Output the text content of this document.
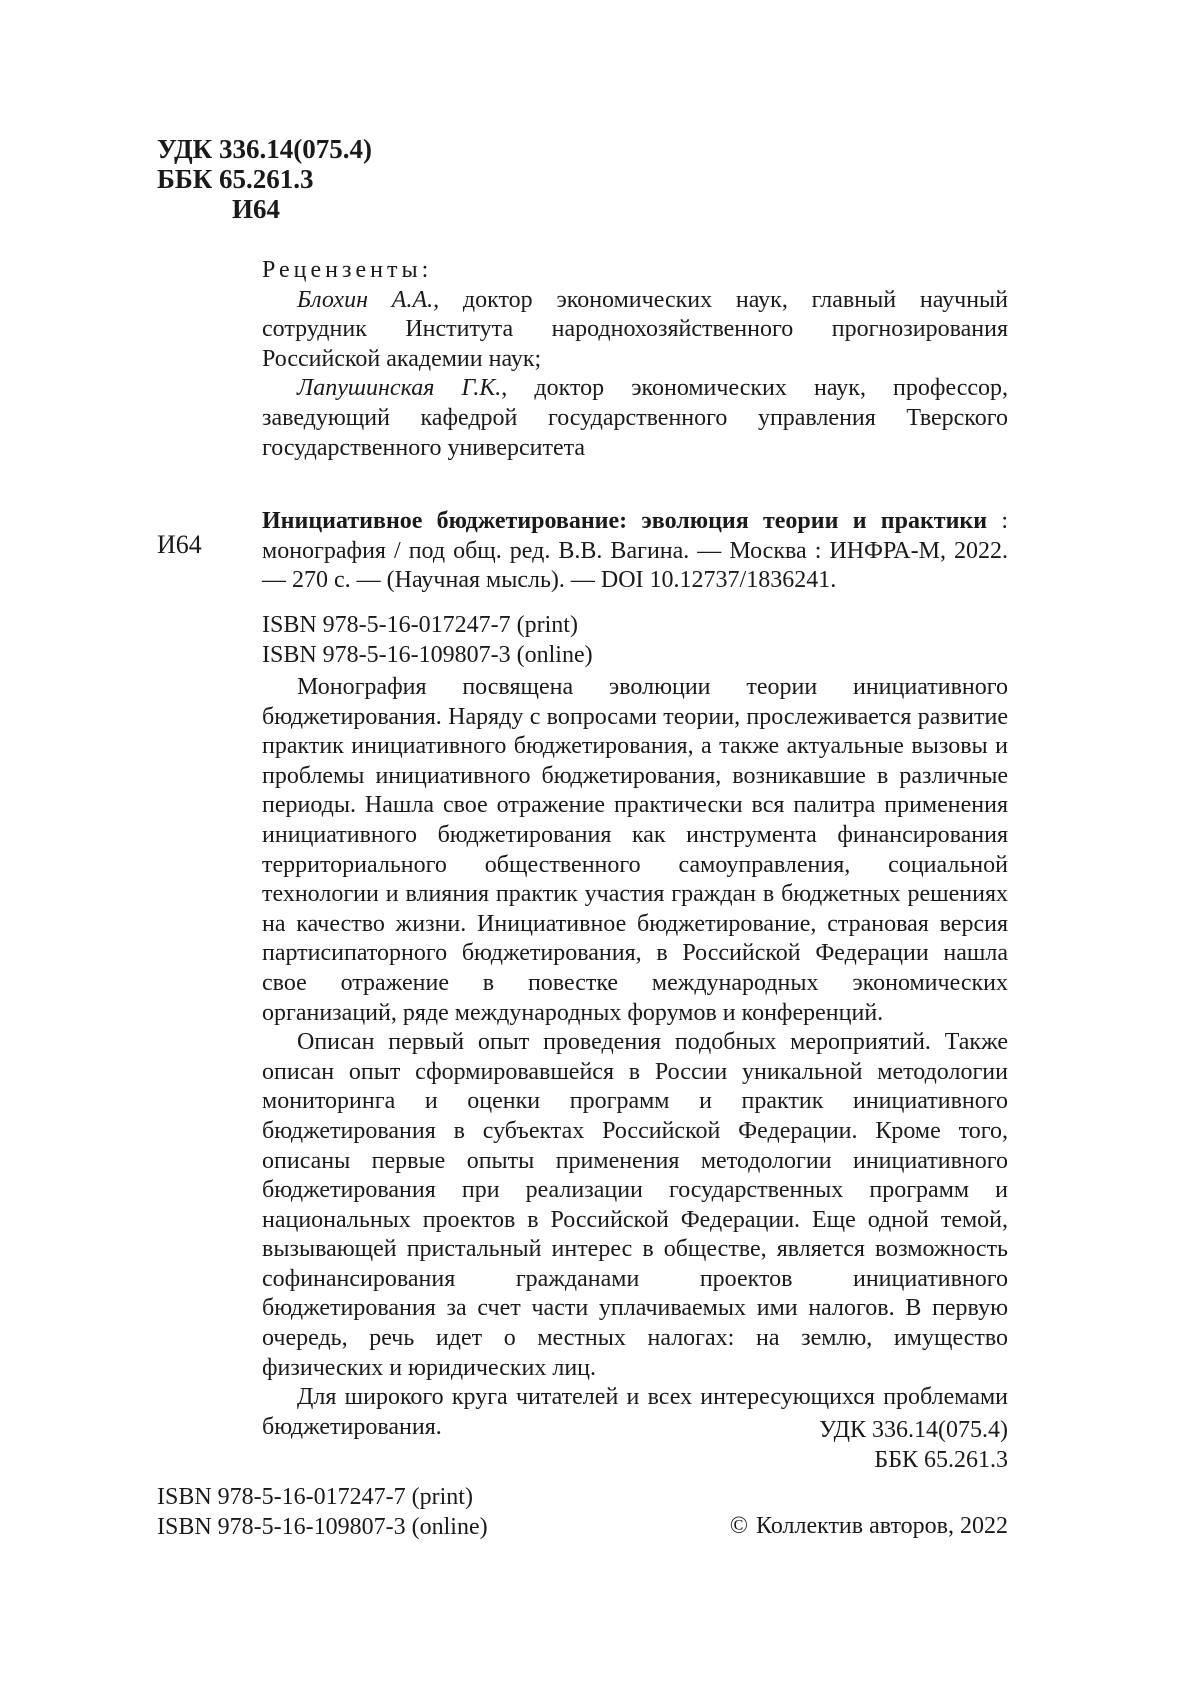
УДК 336.14(075.4)
ББК 65.261.3
И64
Рецензенты:
Блохин А.А., доктор экономических наук, главный научный сотрудник Института народнохозяйственного прогнозирования Российской академии наук;
Лапушинская Г.К., доктор экономических наук, профессор, заведующий кафедрой государственного управления Тверского государственного университета
И64
Инициативное бюджетирование: эволюция теории и практики : монография / под общ. ред. В.В. Вагина. — Москва : ИНФРА-М, 2022. — 270 с. — (Научная мысль). — DOI 10.12737/1836241.
ISBN 978-5-16-017247-7 (print)
ISBN 978-5-16-109807-3 (online)

Монография посвящена эволюции теории инициативного бюджетирования. Наряду с вопросами теории, прослеживается развитие практик инициативного бюджетирования, а также актуальные вызовы и проблемы инициативного бюджетирования, возникавшие в различные периоды. Нашла свое отражение практически вся палитра применения инициативного бюджетирования как инструмента финансирования территориального общественного самоуправления, социальной технологии и влияния практик участия граждан в бюджетных решениях на качество жизни. Инициативное бюджетирование, страновая версия партисипаторного бюджетирования, в Российской Федерации нашла свое отражение в повестке международных экономических организаций, ряде международных форумов и конференций.

Описан первый опыт проведения подобных мероприятий. Также описан опыт сформировавшейся в России уникальной методологии мониторинга и оценки программ и практик инициативного бюджетирования в субъектах Российской Федерации. Кроме того, описаны первые опыты применения методологии инициативного бюджетирования при реализации государственных программ и национальных проектов в Российской Федерации. Еще одной темой, вызывающей пристальный интерес в обществе, является возможность софинансирования гражданами проектов инициативного бюджетирования за счет части уплачиваемых ими налогов. В первую очередь, речь идет о местных налогах: на землю, имущество физических и юридических лиц.

Для широкого круга читателей и всех интересующихся проблемами бюджетирования.	УДК 336.14(075.4)
ББК 65.261.3
ISBN 978-5-16-017247-7 (print)
ISBN 978-5-16-109807-3 (online)	© Коллектив авторов, 2022
